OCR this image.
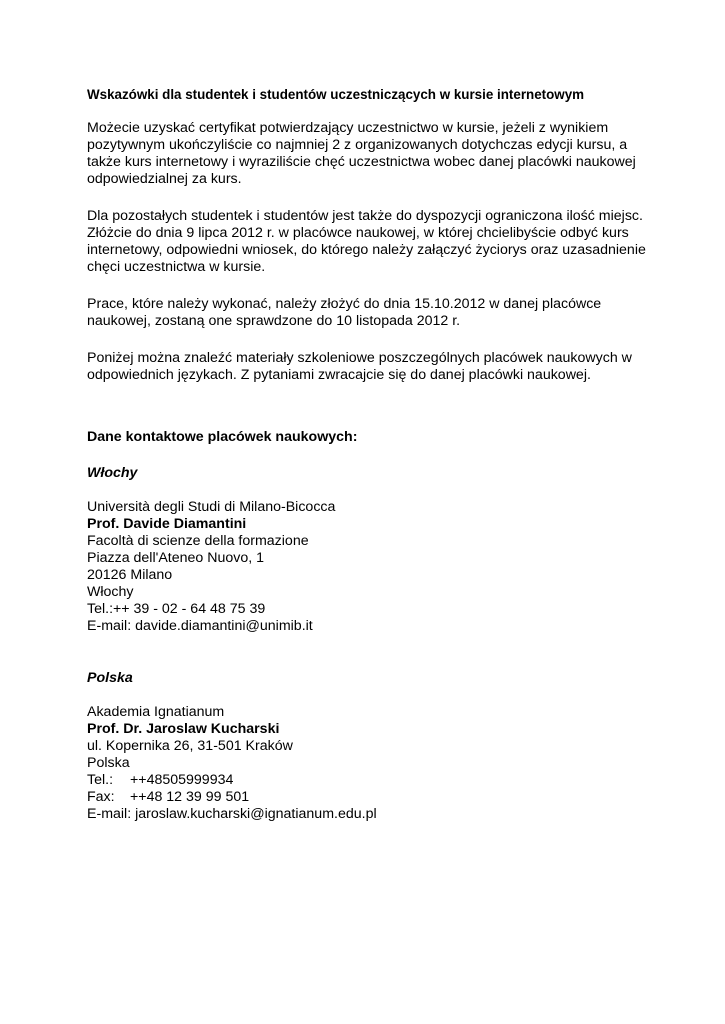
Wskazówki dla studentek i studentów uczestniczących w kursie internetowym

Możecie uzyskać certyfikat potwierdzający uczestnictwo w kursie, jeżeli z wynikiem pozytywnym ukończyliście co najmniej 2 z organizowanych dotychczas edycji kursu, a także kurs internetowy i wyraziliście chęć uczestnictwa wobec danej placówki naukowej odpowiedzialnej za kurs.

Dla pozostałych studentek i studentów jest także do dyspozycji ograniczona ilość miejsc. Złóżcie do dnia 9 lipca 2012 r. w placówce naukowej, w której chcielibyście odbyć kurs internetowy, odpowiedni wniosek, do którego należy załączyć życiorys oraz uzasadnienie chęci uczestnictwa w kursie.

Prace, które należy wykonać, należy złożyć do dnia 15.10.2012 w danej placówce naukowej, zostaną one sprawdzone do 10 listopada 2012 r.

Poniżej można znaleźć materiały szkoleniowe poszczególnych placówek naukowych w odpowiednich językach. Z pytaniami zwracajcie się do danej placówki naukowej.

Dane kontaktowe placówek naukowych:

Włochy

Università degli Studi di Milano-Bicocca

Prof. Davide Diamantini

Facoltà di scienze della formazione

Piazza dell'Ateneo Nuovo, 1

20126 Milano

Włochy

Tel.:++ 39 - 02 - 64 48 75 39

E-mail: davide.diamantini@unimib.it

Polska

Akademia Ignatianum

Prof. Dr. Jaroslaw Kucharski

ul. Kopernika 26, 31-501 Kraków

Polska

Tel.: ++48505999934

Fax: ++48 12 39 99 501

E-mail: jaroslaw.kucharski@ignatianum.edu.pl
